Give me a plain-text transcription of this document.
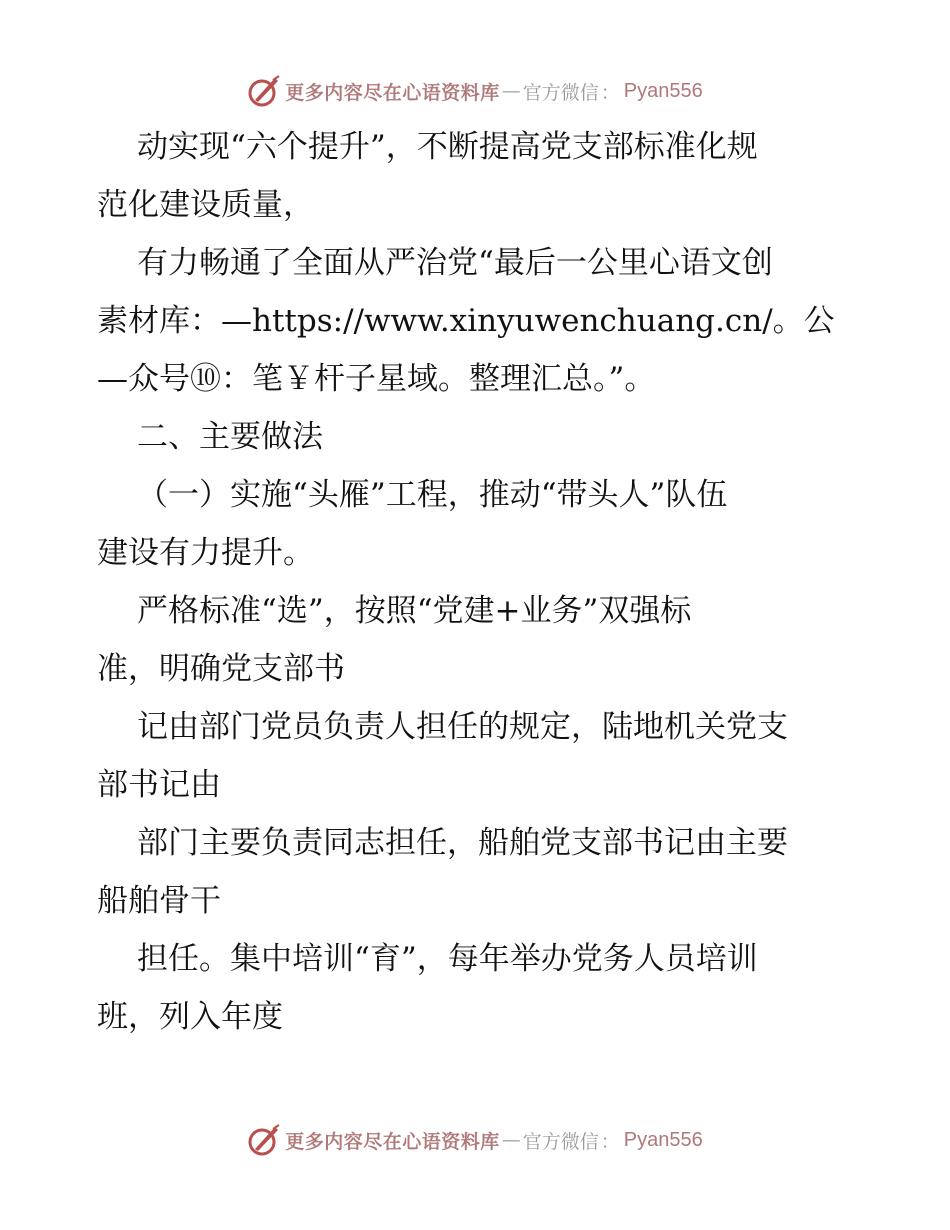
更多内容尽在心语资料库 — 官方微信 ： Pyan556
动实现“六个提升”，不断提高党支部标准化规
范化建设质量，
有力畅通了全面从严治党“最后一公里心语文创
素材库：—https://www.xinyuwenchuang.cn/。公
—众号⑩：笔￥杆子星域。整理汇总。”。
二、主要做法
（一）实施“头雁”工程，推动“带头人”队伍
建设有力提升。
严格标准“选”，按照“党建+业务”双强标
准，明确党支部书
记由部门党员负责人担任的规定，陆地机关党支
部书记由
部门主要负责同志担任，船舶党支部书记由主要
船舶骨干
担任。集中培训“育”，每年举办党务人员培训
班，列入年度
更多内容尽在心语资料库 — 官方微信 ： Pyan556
